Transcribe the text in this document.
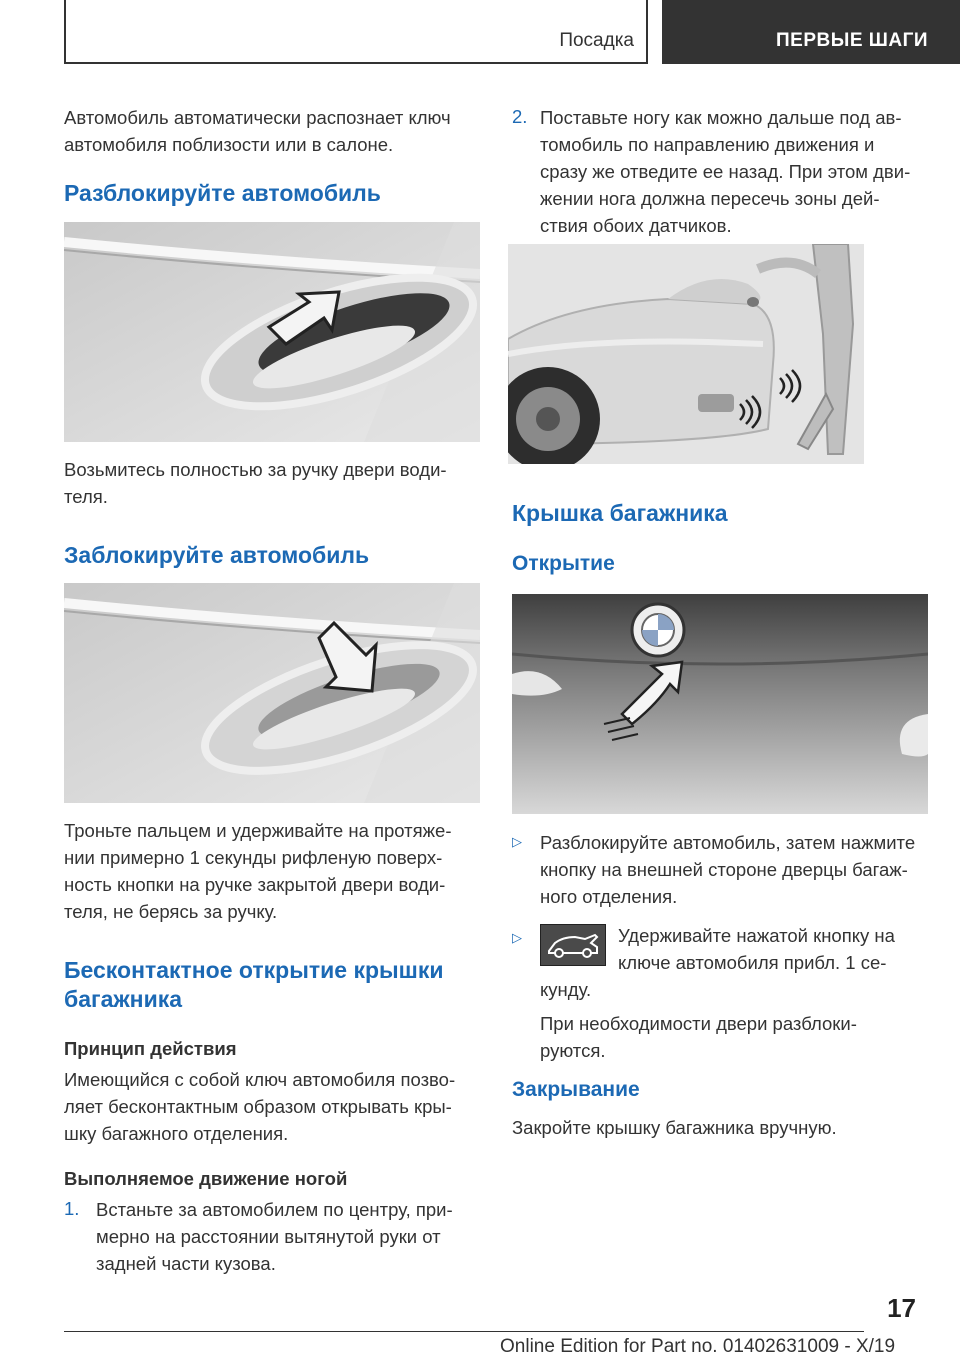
Посадка	ПЕРВЫЕ ШАГИ

Автомобиль автоматически распознает ключ

автомобиля поблизости или в салоне.

Разблокируйте автомобиль

Возьмитесь полностью за ручку двери води-

теля.

Заблокируйте автомобиль

Троньте пальцем и удерживайте на протяже-

нии примерно 1 секунды рифленую поверх-

ность кнопки на ручке закрытой двери води-

теля, не берясь за ручку.

Бесконтактное открытие крышки

багажника

Принцип действия

Имеющийся с собой ключ автомобиля позво-

ляет бесконтактным образом открывать кры-

шку багажного отделения.

Выполняемое движение ногой

1. Встаньте за автомобилем по центру, при-

мерно на расстоянии вытянутой руки от

задней части кузова.

2. Поставьте ногу как можно дальше под ав-

томобиль по направлению движения и

сразу же отведите ее назад. При этом дви-

жении нога должна пересечь зоны дей-

ствия обоих датчиков.

Крышка багажника

Открытие

▷ Разблокируйте автомобиль, затем нажмите

кнопку на внешней стороне дверцы багаж-

ного отделения.

▷	Удерживайте нажатой кнопку на

ключе автомобиля прибл. 1 се-

кунду.

При необходимости двери разблоки-

руются.

Закрывание

Закройте крышку багажника вручную.

17
Online Edition for Part no. 01402631009 - X/19
